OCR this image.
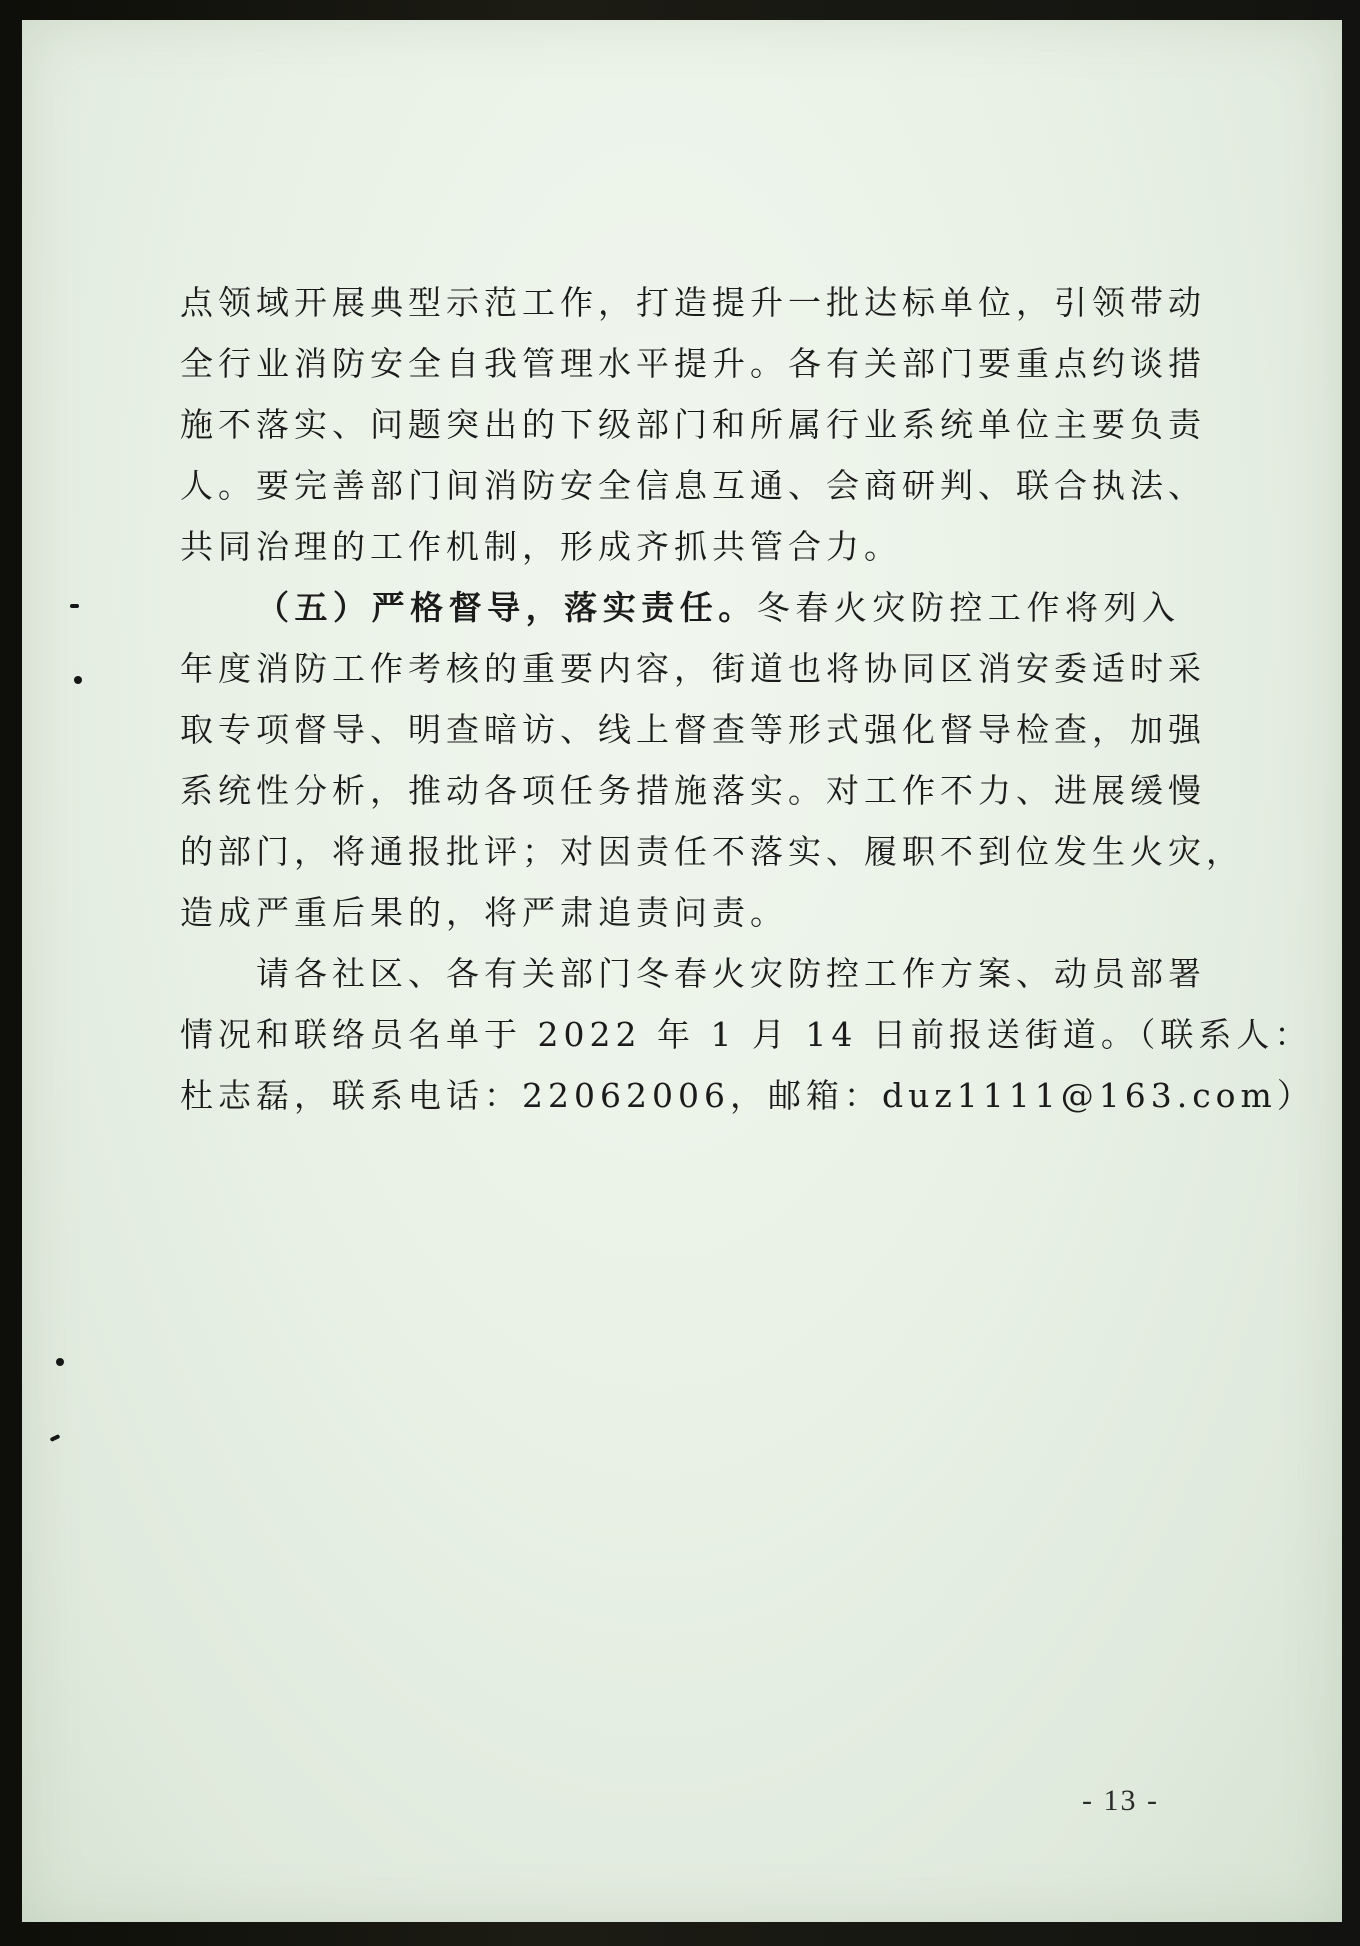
点领域开展典型示范工作，打造提升一批达标单位，引领带动
全行业消防安全自我管理水平提升。各有关部门要重点约谈措
施不落实、问题突出的下级部门和所属行业系统单位主要负责
人。要完善部门间消防安全信息互通、会商研判、联合执法、
共同治理的工作机制，形成齐抓共管合力。
（五）严格督导，落实责任。冬春火灾防控工作将列入
年度消防工作考核的重要内容，街道也将协同区消安委适时采
取专项督导、明查暗访、线上督查等形式强化督导检查，加强
系统性分析，推动各项任务措施落实。对工作不力、进展缓慢
的部门，将通报批评；对因责任不落实、履职不到位发生火灾，
造成严重后果的，将严肃追责问责。
请各社区、各有关部门冬春火灾防控工作方案、动员部署
情况和联络员名单于 2022 年 1 月 14 日前报送街道。（联系人：
杜志磊，联系电话：22062006，邮箱：duz1111@163.com）
- 13 -
